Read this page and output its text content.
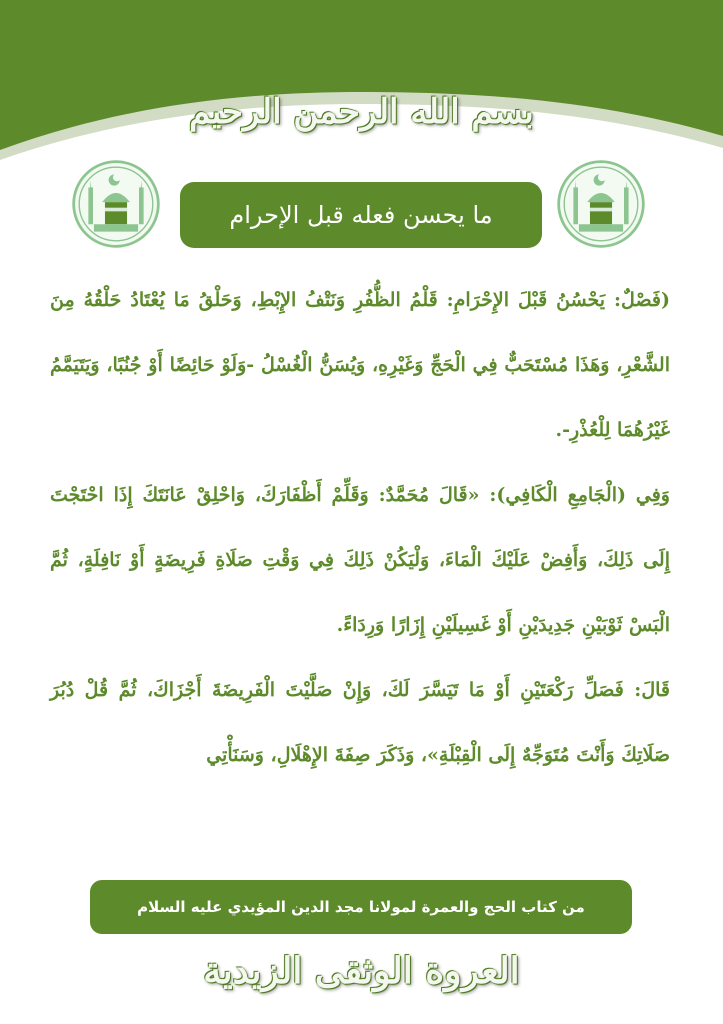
بسم الله الرحمن الرحيم
ما يحسن فعله قبل الإحرام

(فَصْلٌ: يَحْسُنُ قَبْلَ الإِحْرَامِ: قَلْمُ الظُّفُرِ وَنَتْفُ الإِبْطِ، وَحَلْقُ مَا يُعْتَادُ حَلْقُهُ مِنَ الشَّعْرِ، وَهَذَا مُسْتَحَبٌّ فِي الْحَجِّ وَغَيْرِهِ، وَيُسَنُّ الْغُسْلُ -وَلَوْ حَائِضًا أَوْ جُنُبًا، وَيَتَيَمَّمُ غَيْرُهُمَا لِلْعُذْرِ-.

وَفِي (الْجَامِعِ الْكَافِي): «قَالَ مُحَمَّدٌ: وَقَلِّمْ أَظْفَارَكَ، وَاحْلِقْ عَانَتَكَ إِذَا احْتَجْتَ إِلَى ذَلِكَ، وَأَفِضْ عَلَيْكَ الْمَاءَ، وَلْيَكُنْ ذَلِكَ فِي وَقْتِ صَلَاةِ فَرِيضَةٍ أَوْ نَافِلَةٍ، ثُمَّ الْبَسْ ثَوْبَيْنِ جَدِيدَيْنِ أَوْ غَسِيلَيْنِ إِزَارًا وَرِدَاءً.

قَالَ: فَصَلِّ رَكْعَتَيْنِ أَوْ مَا تَيَسَّرَ لَكَ، وَإِنْ صَلَّيْتَ الْفَرِيضَةَ أَجْزَاكَ، ثُمَّ قُلْ دُبُرَ صَلَاتِكَ وَأَنْتَ مُتَوَجِّهٌ إِلَى الْقِبْلَةِ»، وَذَكَرَ صِفَةَ الإِهْلَالِ، وَسَنَأْتِي

من كتاب الحج والعمرة لمولانا مجد الدين المؤيدي عليه السلام
العروة الوثقى الزيدية
